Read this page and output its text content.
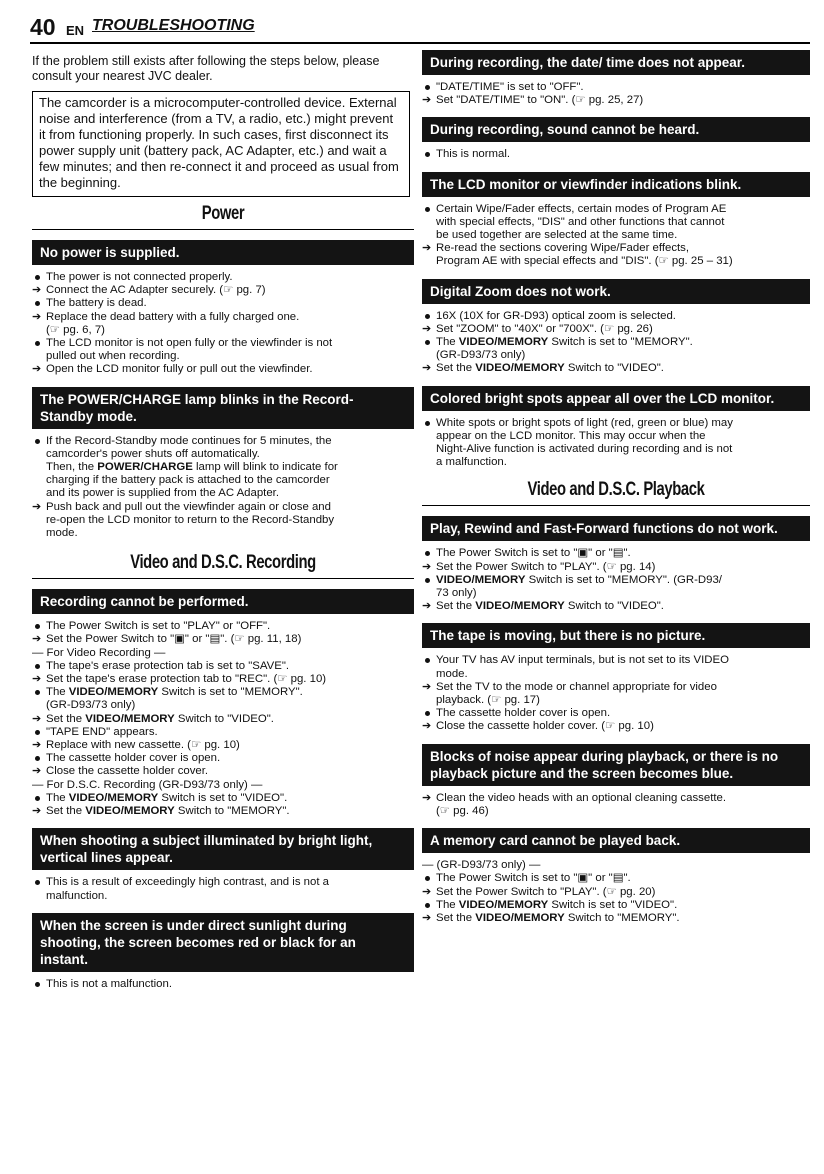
40 EN TROUBLESHOOTING
If the problem still exists after following the steps below, please consult your nearest JVC dealer.
The camcorder is a microcomputer-controlled device. External noise and interference (from a TV, a radio, etc.) might prevent it from functioning properly. In such cases, first disconnect its power supply unit (battery pack, AC Adapter, etc.) and wait a few minutes; and then re-connect it and proceed as usual from the beginning.
Power
No power is supplied.
The power is not connected properly.
➔ Connect the AC Adapter securely. (☞ pg. 7)
The battery is dead.
➔ Replace the dead battery with a fully charged one.
(☞ pg. 6, 7)
The LCD monitor is not open fully or the viewfinder is not
pulled out when recording.
➔ Open the LCD monitor fully or pull out the viewfinder.
The POWER/CHARGE lamp blinks in the Record-Standby mode.
If the Record-Standby mode continues for 5 minutes, the
camcorder's power shuts off automatically.
Then, the POWER/CHARGE lamp will blink to indicate for
charging if the battery pack is attached to the camcorder
and its power is supplied from the AC Adapter.
➔ Push back and pull out the viewfinder again or close and
re-open the LCD monitor to return to the Record-Standby
mode.
Video and D.S.C. Recording
Recording cannot be performed.
The Power Switch is set to "PLAY" or "OFF".
➔ Set the Power Switch to "▣" or "▤". (☞ pg. 11, 18)
— For Video Recording —
The tape's erase protection tab is set to "SAVE".
➔ Set the tape's erase protection tab to "REC". (☞ pg. 10)
The VIDEO/MEMORY Switch is set to "MEMORY".
(GR-D93/73 only)
➔ Set the VIDEO/MEMORY Switch to "VIDEO".
"TAPE END" appears.
➔ Replace with new cassette. (☞ pg. 10)
The cassette holder cover is open.
➔ Close the cassette holder cover.
— For D.S.C. Recording (GR-D93/73 only) —
The VIDEO/MEMORY Switch is set to "VIDEO".
➔ Set the VIDEO/MEMORY Switch to "MEMORY".
When shooting a subject illuminated by bright light, vertical lines appear.
This is a result of exceedingly high contrast, and is not a
malfunction.
When the screen is under direct sunlight during shooting, the screen becomes red or black for an instant.
This is not a malfunction.
During recording, the date/ time does not appear.
"DATE/TIME" is set to "OFF".
➔ Set "DATE/TIME" to "ON". (☞ pg. 25, 27)
During recording, sound cannot be heard.
This is normal.
The LCD monitor or viewfinder indications blink.
Certain Wipe/Fader effects, certain modes of Program AE
with special effects, "DIS" and other functions that cannot
be used together are selected at the same time.
➔ Re-read the sections covering Wipe/Fader effects,
Program AE with special effects and "DIS". (☞ pg. 25 – 31)
Digital Zoom does not work.
16X (10X for GR-D93) optical zoom is selected.
➔ Set "ZOOM" to "40X" or "700X". (☞ pg. 26)
The VIDEO/MEMORY Switch is set to "MEMORY".
(GR-D93/73 only)
➔ Set the VIDEO/MEMORY Switch to "VIDEO".
Colored bright spots appear all over the LCD monitor.
White spots or bright spots of light (red, green or blue) may
appear on the LCD monitor. This may occur when the
Night-Alive function is activated during recording and is not
a malfunction.
Video and D.S.C. Playback
Play, Rewind and Fast-Forward functions do not work.
The Power Switch is set to "▣" or "▤".
➔ Set the Power Switch to "PLAY". (☞ pg. 14)
VIDEO/MEMORY Switch is set to "MEMORY". (GR-D93/
73 only)
➔ Set the VIDEO/MEMORY Switch to "VIDEO".
The tape is moving, but there is no picture.
Your TV has AV input terminals, but is not set to its VIDEO
mode.
➔ Set the TV to the mode or channel appropriate for video
playback. (☞ pg. 17)
The cassette holder cover is open.
➔ Close the cassette holder cover. (☞ pg. 10)
Blocks of noise appear during playback, or there is no playback picture and the screen becomes blue.
➔ Clean the video heads with an optional cleaning cassette.
(☞ pg. 46)
A memory card cannot be played back.
— (GR-D93/73 only) —
The Power Switch is set to "▣" or "▤".
➔ Set the Power Switch to "PLAY". (☞ pg. 20)
The VIDEO/MEMORY Switch is set to "VIDEO".
➔ Set the VIDEO/MEMORY Switch to "MEMORY".
